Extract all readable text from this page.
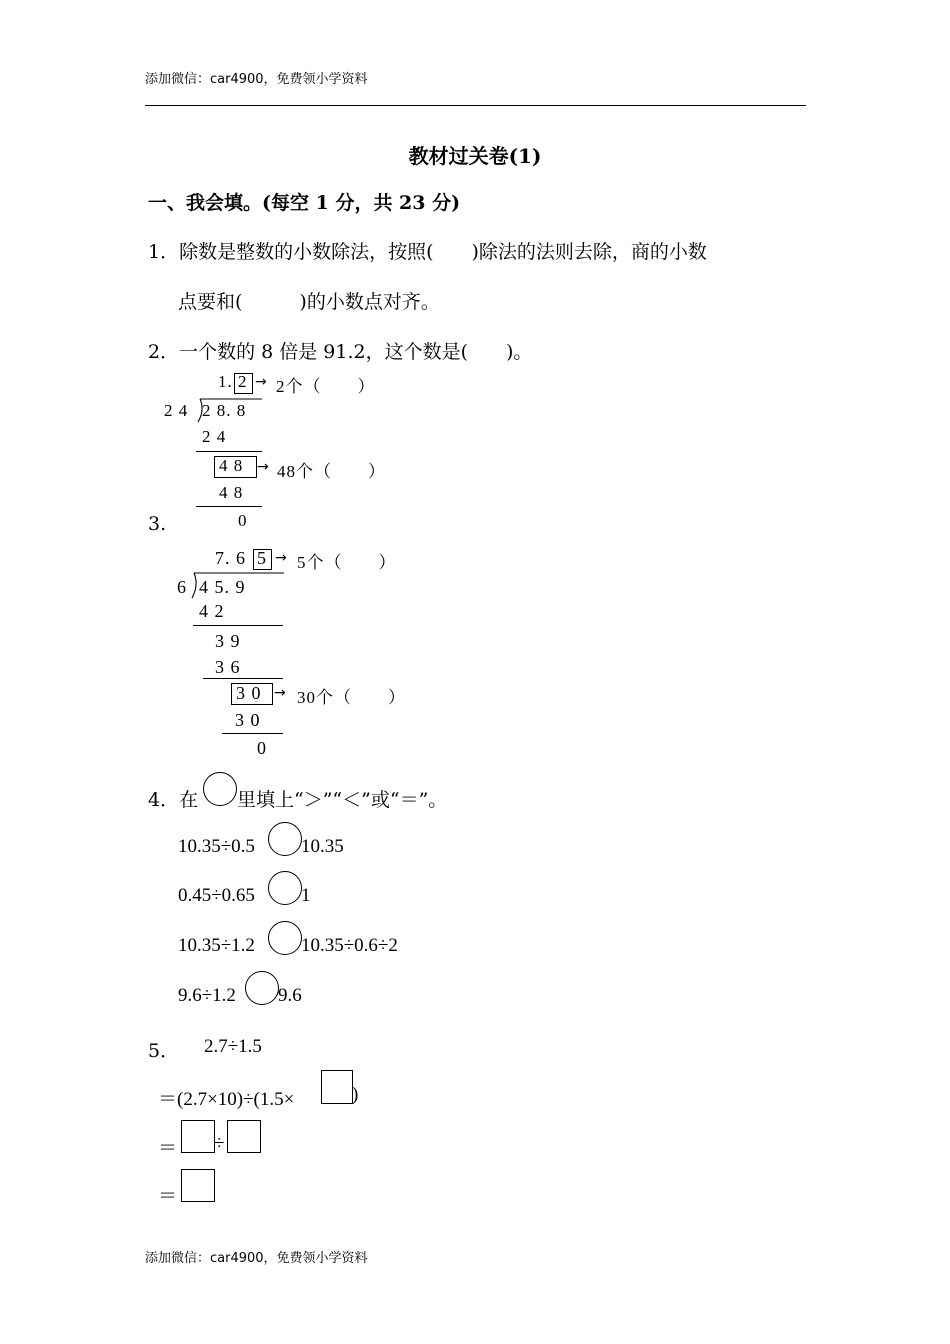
添加微信：car4900，免费领小学资料
教材过关卷(1)
一、我会填。(每空 1 分，共 23 分)
1．除数是整数的小数除法，按照(　　)除法的法则去除，商的小数
点要和(　　　)的小数点对齐。
2．一个数的 8 倍是 91.2，这个数是(　　)。
3.
1. 2 → 2个（　　）
2 4 2 8. 8
2 4
4 8 → 48个（　　）
4 8
0
7. 6 5 → 5个（　　）
6 4 5. 9
4 2
3 9
3 6
3 0 → 30个（　　）
3 0
0
4．在 里填上“＞”“＜”或“＝”。
10.35÷0.5 10.35
0.45÷0.65 1
10.35÷1.2 10.35÷0.6÷2
9.6÷1.2 9.6
5． 2.7÷1.5
＝(2.7×10)÷(1.5×	)
＝ ÷
＝
添加微信：car4900，免费领小学资料
